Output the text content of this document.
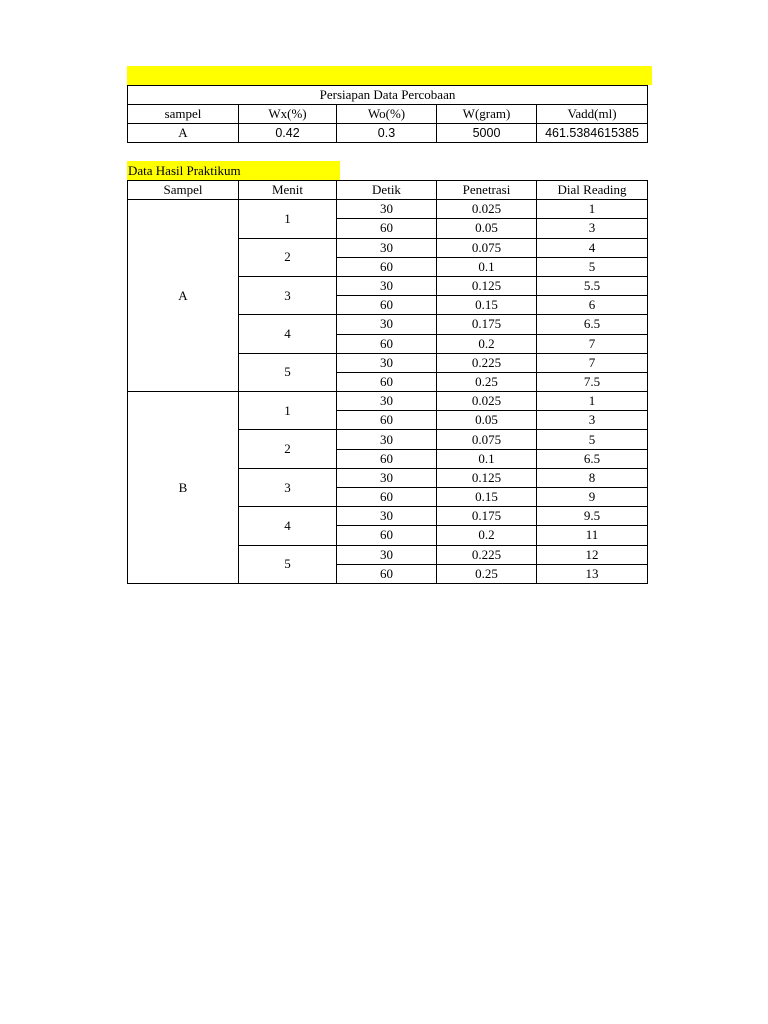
Persiapan Data Percobaan				
sampel	Wx(%)	Wo(%)	W(gram)	Vadd(ml)
A	0.42	0.3	5000	461.5384615385
Data Hasil Praktikum
Sampel	Menit	Detik	Penetrasi	Dial Reading
A	1	30	0.025	1
		60	0.05	3
	2	30	0.075	4
		60	0.1	5
	3	30	0.125	5.5
		60	0.15	6
	4	30	0.175	6.5
		60	0.2	7
	5	30	0.225	7
		60	0.25	7.5
B	1	30	0.025	1
		60	0.05	3
	2	30	0.075	5
		60	0.1	6.5
	3	30	0.125	8
		60	0.15	9
	4	30	0.175	9.5
		60	0.2	11
	5	30	0.225	12
		60	0.25	13
